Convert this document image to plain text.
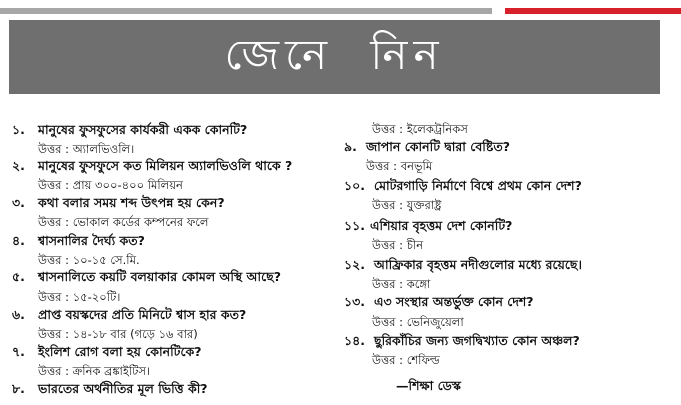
জেনে নিন
১. মানুষের ফুসফুসের কার্যকরী একক কোনটি?
উত্তর : অ্যালভিওলি।
২. মানুষের ফুসফুসে কত মিলিয়ন অ্যালভিওলি থাকে ?
উত্তর : প্রায় ৩০০-৪০০ মিলিয়ন
৩. কথা বলার সময় শব্দ উৎপন্ন হয় কেন?
উত্তর : ভোকাল কর্ডের কম্পনের ফলে
৪. শ্বাসনালির দৈর্ঘ্য কত?
উত্তর : ১০-১৫ সে.মি.
৫. শ্বাসনালিতে কয়টি বলয়াকার কোমল অস্থি আছে?
উত্তর : ১৫-২০টি।
৬. প্রাপ্ত বয়স্কদের প্রতি মিনিটে শ্বাস হার কত?
উত্তর : ১৪-১৮ বার (গড়ে ১৬ বার)
৭. ইংলিশ রোগ বলা হয় কোনটিকে?
উত্তর : ক্রনিক ব্রঙ্কাইটিস।
৮. ভারতের অর্থনীতির মূল ভিত্তি কী?
উত্তর : ইলেকট্রনিকস
৯. জাপান কোনটি দ্বারা বেষ্টিত?
উত্তর : বনভূমি
১০. মোটরগাড়ি নির্মাণে বিশ্বে প্রথম কোন দেশ?
উত্তর : যুক্তরাষ্ট্র
১১. এশিয়ার বৃহত্তম দেশ কোনটি?
উত্তর : চীন
১২. আফ্রিকার বৃহত্তম নদীগুলোর মধ্যে রয়েছে।
উত্তর : কঙ্গো
১৩. এ৩ সংস্থার অন্তর্ভুক্ত কোন দেশ?
উত্তর : ভেনিজুয়েলা
১৪. ছুরিকাঁচির জন্য জগদ্বিখ্যাত কোন অঞ্চল?
উত্তর : শেফিল্ড
—শিক্ষা ডেস্ক
